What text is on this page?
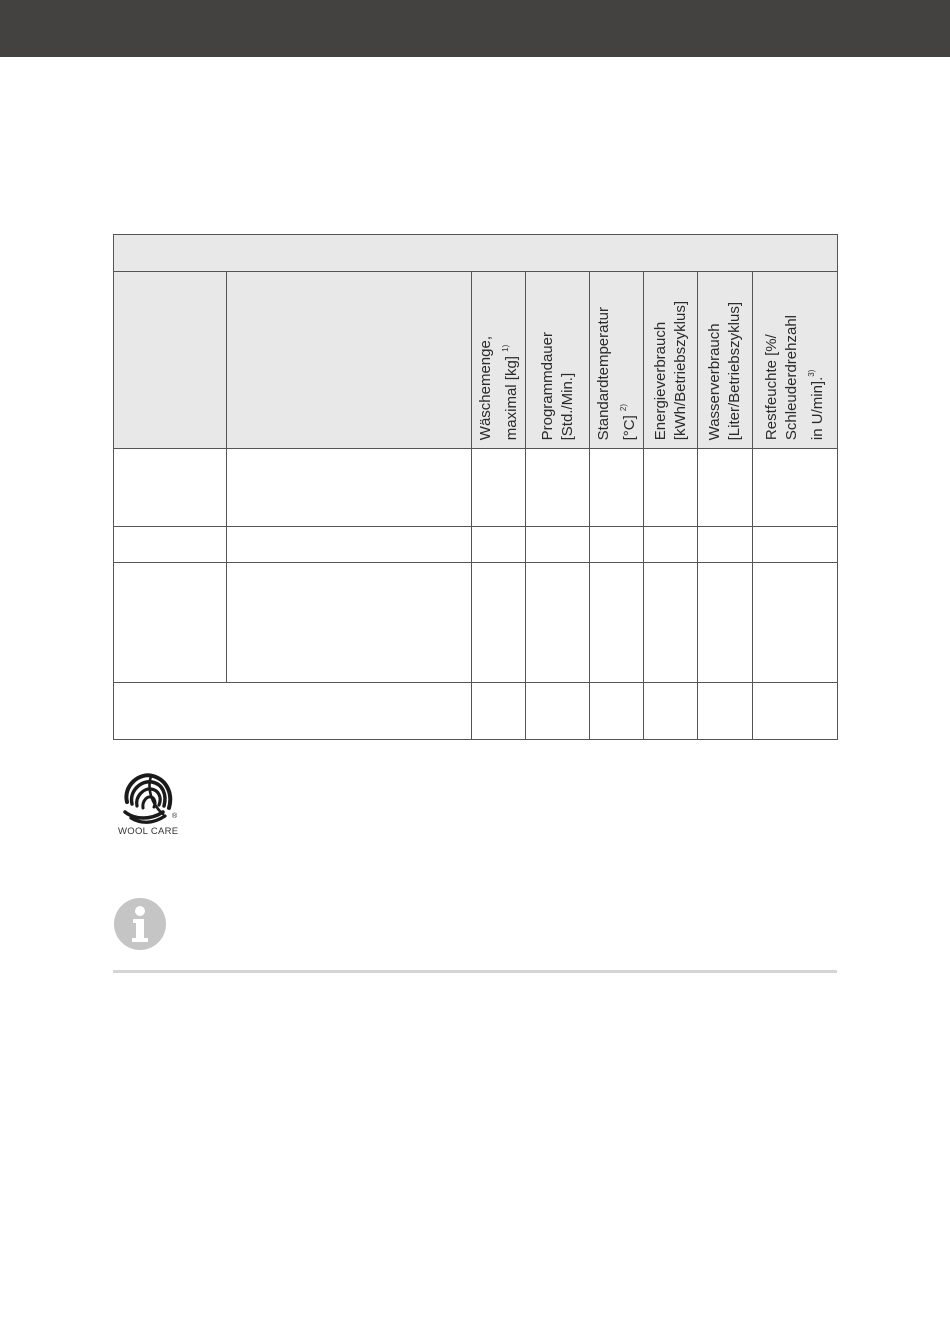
		Wäschemenge, maximal [kg] $^{1)}$	Programmdauer [Std./Min.]	Standardtemperatur [°C] $^{2)}$	Energieverbrauch [kWh/Betriebszyklus]	Wasserverbrauch [Liter/Betriebszyklus]	Restfeuchte [%/ Schleuderdrehzahl in U/min].$^{3)}$

®
WOOL CARE
